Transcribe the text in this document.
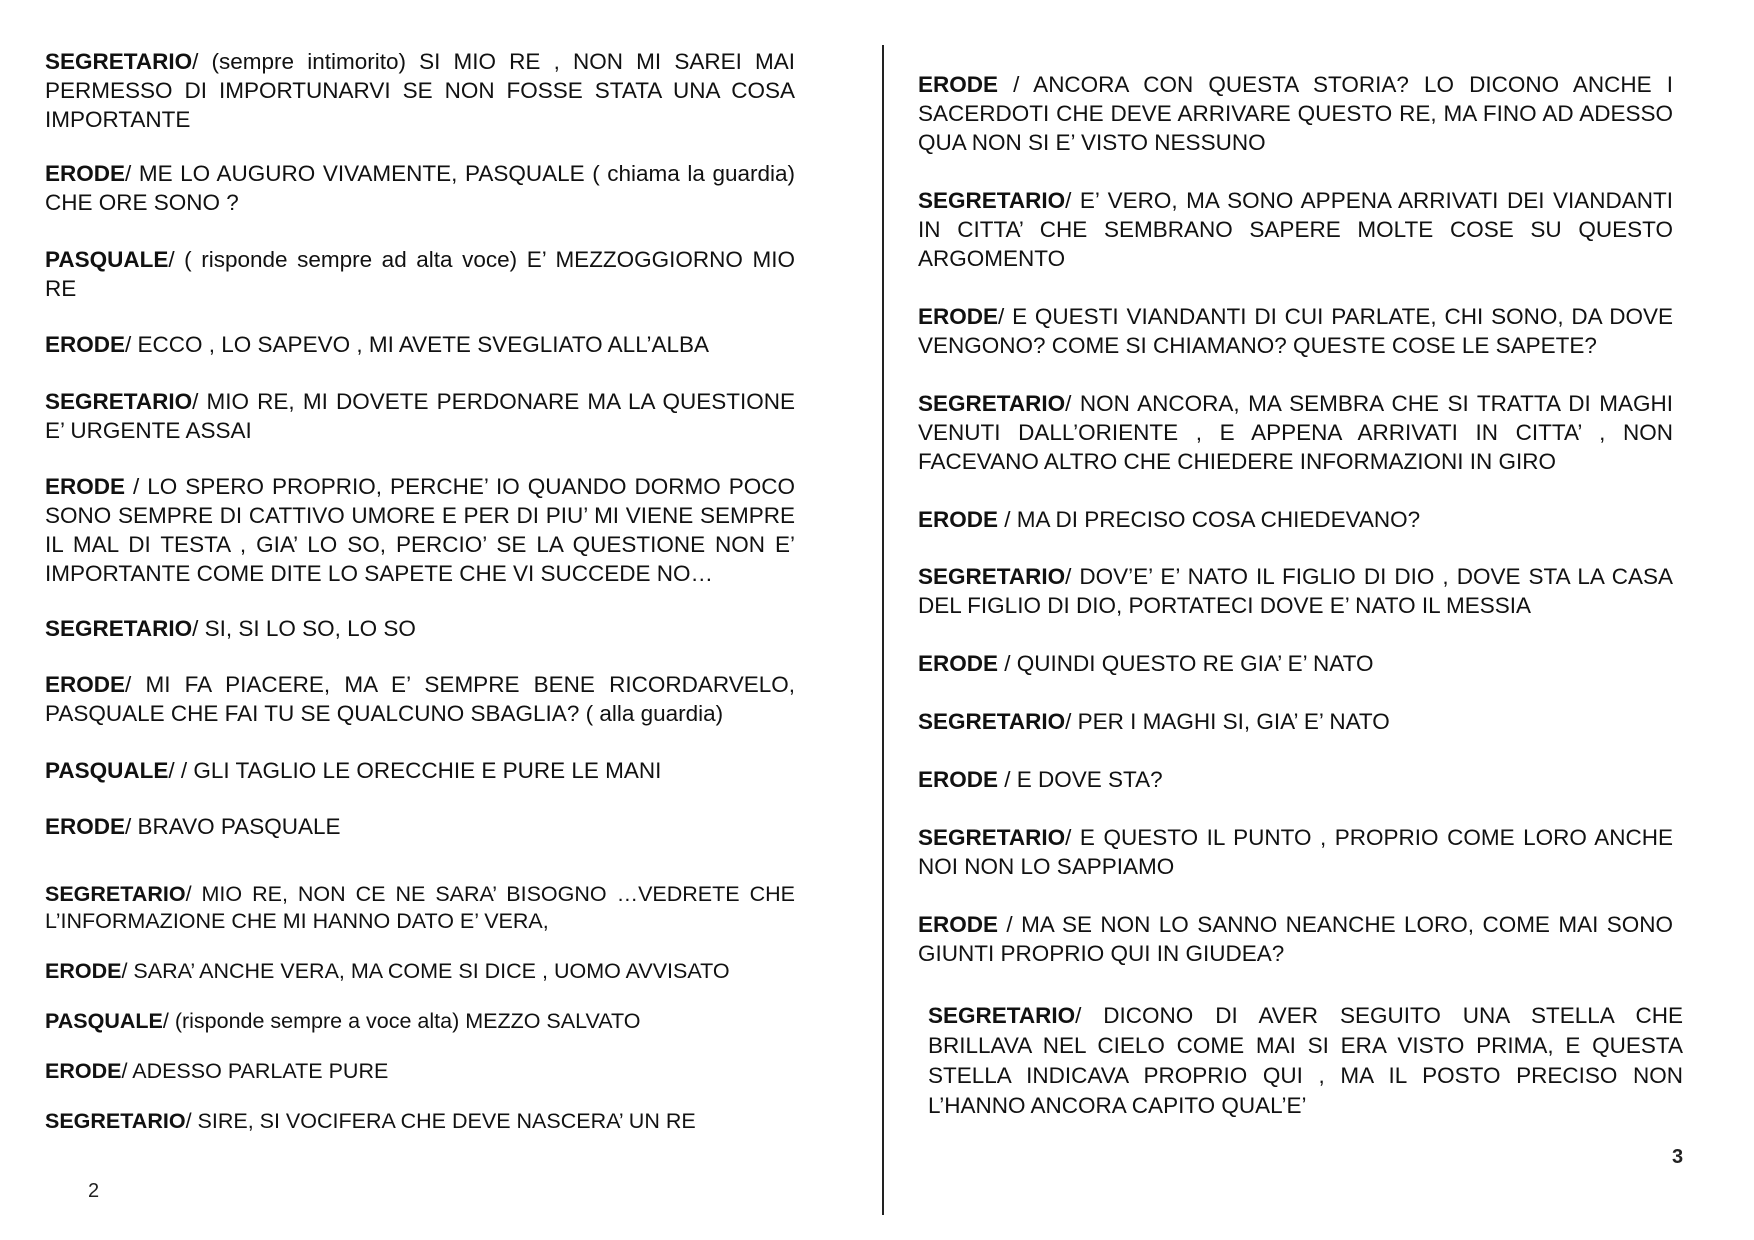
SEGRETARIO/ (sempre intimorito) SI MIO RE , NON MI SAREI MAI PERMESSO DI IMPORTUNARVI SE NON FOSSE STATA UNA COSA IMPORTANTE

ERODE/ ME LO AUGURO VIVAMENTE, PASQUALE ( chiama la guardia) CHE ORE SONO ?

PASQUALE/ ( risponde sempre ad alta voce) E’ MEZZOGGIORNO MIO RE

ERODE/ ECCO , LO SAPEVO , MI AVETE SVEGLIATO ALL’ALBA

SEGRETARIO/ MIO RE, MI DOVETE PERDONARE MA LA QUESTIONE E’ URGENTE ASSAI

ERODE / LO SPERO PROPRIO, PERCHE’ IO QUANDO DORMO POCO SONO SEMPRE DI CATTIVO UMORE E PER DI PIU’ MI VIENE SEMPRE IL MAL DI TESTA , GIA’ LO SO, PERCIO’ SE LA QUESTIONE NON E’ IMPORTANTE COME DITE LO SAPETE CHE VI SUCCEDE NO…

SEGRETARIO/ SI, SI LO SO, LO SO

ERODE/ MI FA PIACERE, MA E’ SEMPRE BENE RICORDARVELO, PASQUALE CHE FAI TU SE QUALCUNO SBAGLIA? ( alla guardia)

PASQUALE/ / GLI TAGLIO LE ORECCHIE E PURE LE MANI

ERODE/ BRAVO PASQUALE

SEGRETARIO/ MIO RE, NON CE NE SARA’ BISOGNO …VEDRETE CHE L’INFORMAZIONE CHE MI HANNO DATO E’ VERA,

ERODE/ SARA’ ANCHE VERA, MA COME SI DICE , UOMO AVVISATO

PASQUALE/ (risponde sempre a voce alta) MEZZO SALVATO

ERODE/ ADESSO PARLATE PURE

SEGRETARIO/ SIRE, SI VOCIFERA CHE DEVE NASCERA’ UN RE

2

ERODE / ANCORA CON QUESTA STORIA? LO DICONO ANCHE I SACERDOTI CHE DEVE ARRIVARE QUESTO RE, MA FINO AD ADESSO QUA NON SI E’ VISTO NESSUNO

SEGRETARIO/ E’ VERO, MA SONO APPENA ARRIVATI DEI VIANDANTI IN CITTA’ CHE SEMBRANO SAPERE MOLTE COSE SU QUESTO ARGOMENTO

ERODE/ E QUESTI VIANDANTI DI CUI PARLATE, CHI SONO, DA DOVE VENGONO? COME SI CHIAMANO? QUESTE COSE LE SAPETE?

SEGRETARIO/ NON ANCORA, MA SEMBRA CHE SI TRATTA DI MAGHI VENUTI DALL’ORIENTE , E APPENA ARRIVATI IN CITTA’ , NON FACEVANO ALTRO CHE CHIEDERE INFORMAZIONI IN GIRO

ERODE / MA DI PRECISO COSA CHIEDEVANO?

SEGRETARIO/ DOV’E’ E’ NATO IL FIGLIO DI DIO , DOVE STA LA CASA DEL FIGLIO DI DIO, PORTATECI DOVE E’ NATO IL MESSIA

ERODE / QUINDI QUESTO RE GIA’ E’ NATO

SEGRETARIO/ PER I MAGHI SI, GIA’ E’ NATO

ERODE / E DOVE STA?

SEGRETARIO/ E QUESTO IL PUNTO , PROPRIO COME LORO ANCHE NOI NON LO SAPPIAMO

ERODE / MA SE NON LO SANNO NEANCHE LORO, COME MAI SONO GIUNTI PROPRIO QUI IN GIUDEA?

SEGRETARIO/ DICONO DI AVER SEGUITO UNA STELLA CHE BRILLAVA NEL CIELO COME MAI SI ERA VISTO PRIMA, E QUESTA STELLA INDICAVA PROPRIO QUI , MA IL POSTO PRECISO NON L’HANNO ANCORA CAPITO QUAL’E’

3
